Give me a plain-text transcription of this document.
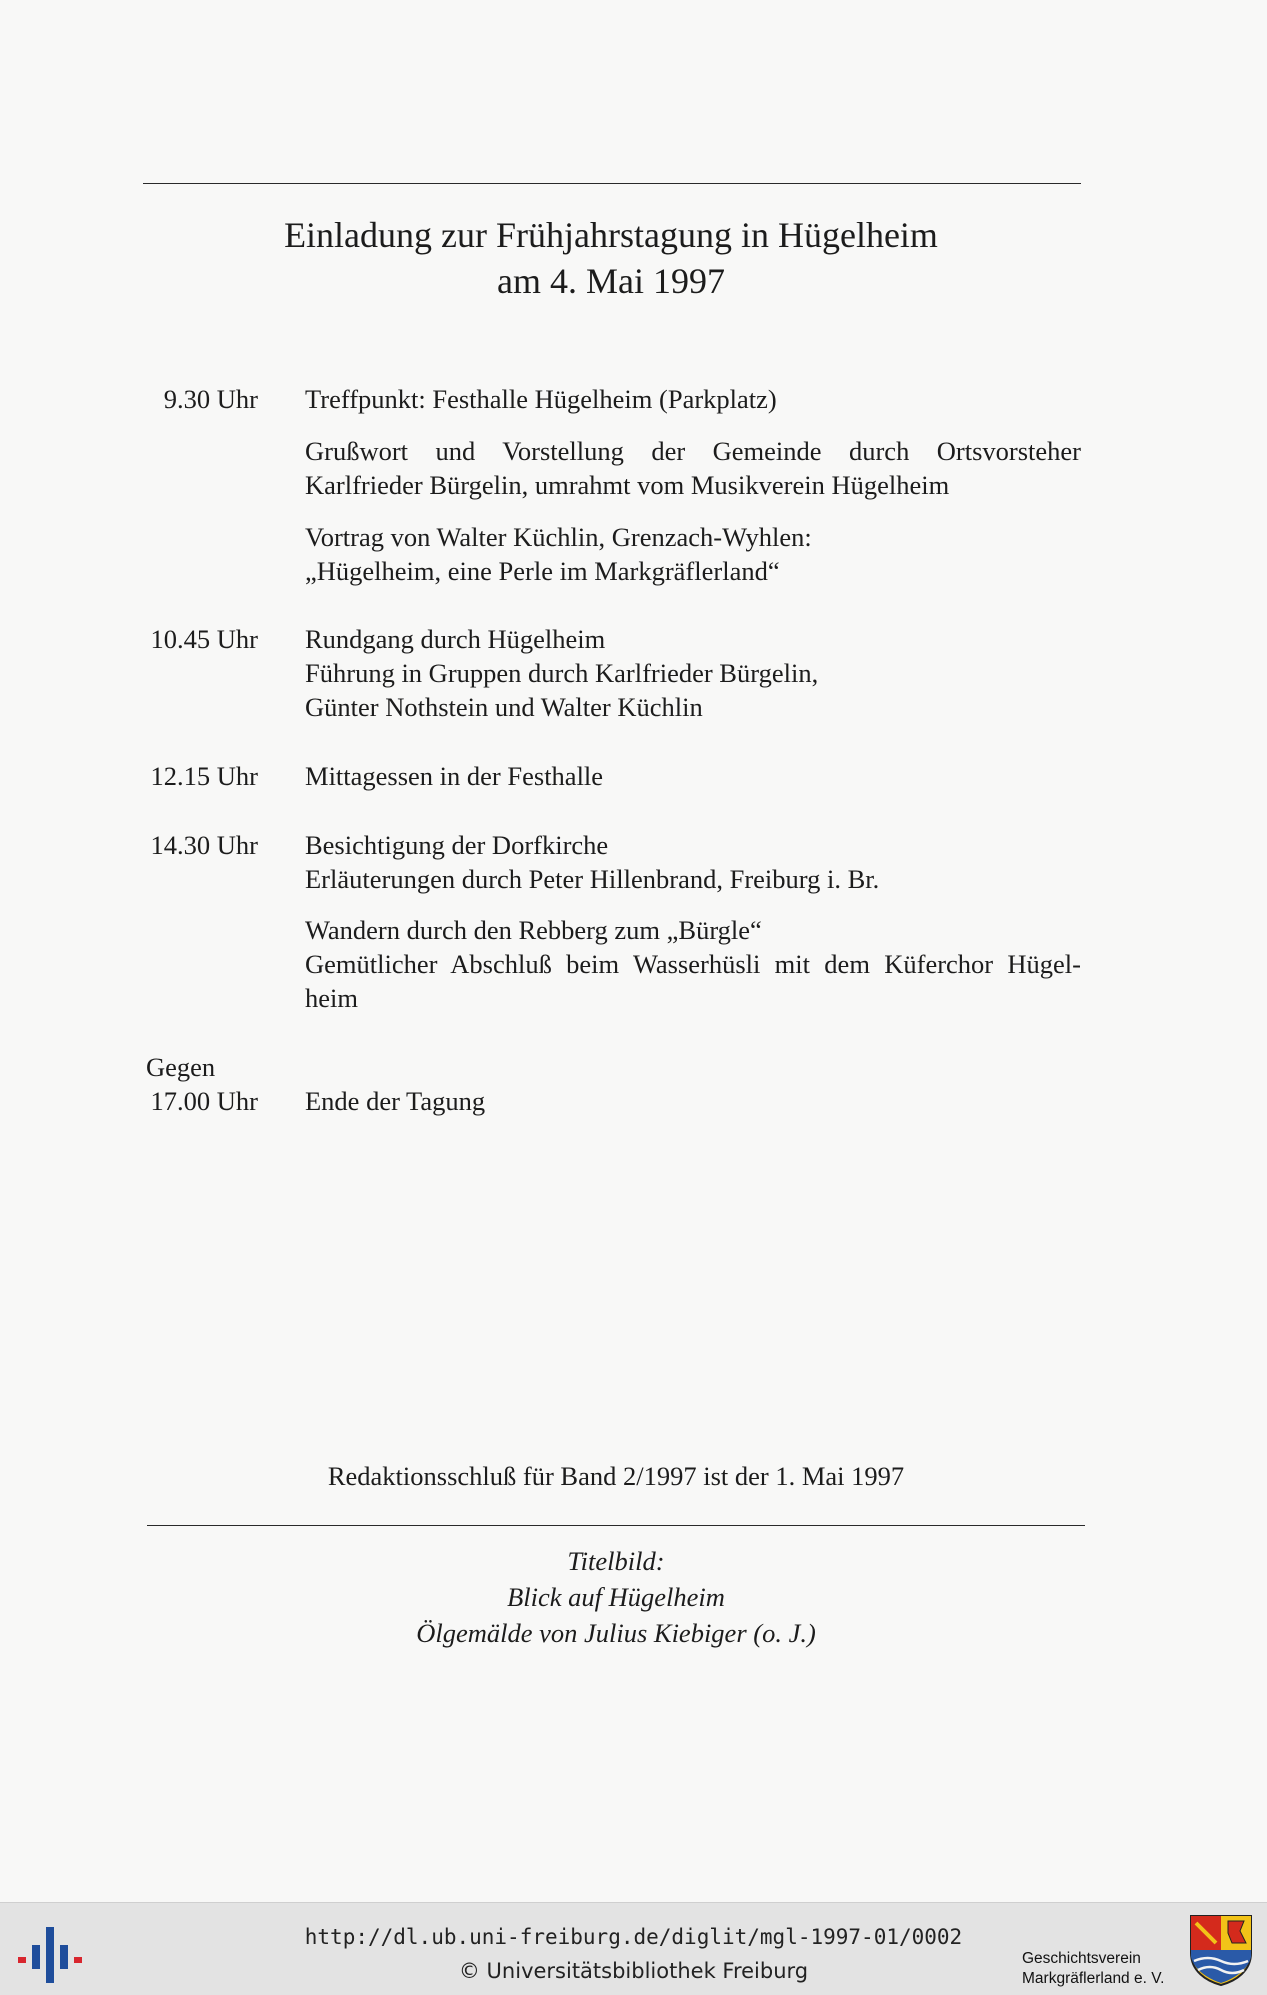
Einladung zur Frühjahrstagung in Hügelheim
am 4. Mai 1997
9.30 Uhr Treffpunkt: Festhalle Hügelheim (Parkplatz)
Grußwort und Vorstellung der Gemeinde durch Ortsvorsteher
Karlfrieder Bürgelin, umrahmt vom Musikverein Hügelheim
Vortrag von Walter Küchlin, Grenzach-Wyhlen:
„Hügelheim, eine Perle im Markgräflerland“
10.45 Uhr Rundgang durch Hügelheim
Führung in Gruppen durch Karlfrieder Bürgelin,
Günter Nothstein und Walter Küchlin
12.15 Uhr Mittagessen in der Festhalle
14.30 Uhr Besichtigung der Dorfkirche
Erläuterungen durch Peter Hillenbrand, Freiburg i. Br.
Wandern durch den Rebberg zum „Bürgle“
Gemütlicher Abschluß beim Wasserhüsli mit dem Küferchor Hügel-
heim
Gegen
17.00 Uhr Ende der Tagung
Redaktionsschluß für Band 2/1997 ist der 1. Mai 1997
Titelbild:
Blick auf Hügelheim
Ölgemälde von Julius Kiebiger (o. J.)
http://dl.ub.uni-freiburg.de/diglit/mgl-1997-01/0002
© Universitätsbibliothek Freiburg
Geschichtsverein
Markgräflerland e. V.
